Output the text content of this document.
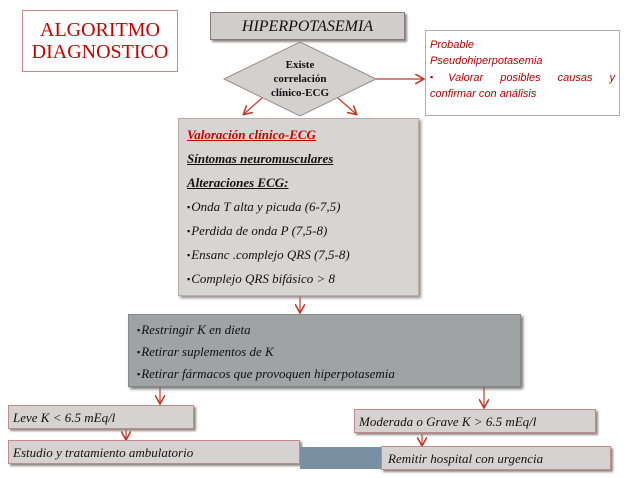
ALGORITMO
DIAGNOSTICO
HIPERPOTASEMIA
Existe
correlación
clínico-ECG
Probable
Pseudohiperpotasemia
▪Valorar posibles causas y
confirmar con análisis
Valoración clínico-ECG
Síntomas neuromusculares
Alteraciones ECG:
▪Onda T alta y picuda (6-7,5)
▪Perdida de onda P (7,5-8)
▪Ensanc .complejo QRS (7,5-8)
▪Complejo QRS bifásico > 8
▪Restringir K en dieta
▪Retirar suplementos de K
▪Retirar fármacos que provoquen hiperpotasemia
Leve K < 6.5 mEq/l	Moderada o Grave K > 6.5 mEq/l
Estudio y tratamiento ambulatorio	Remitir hospital con urgencia
